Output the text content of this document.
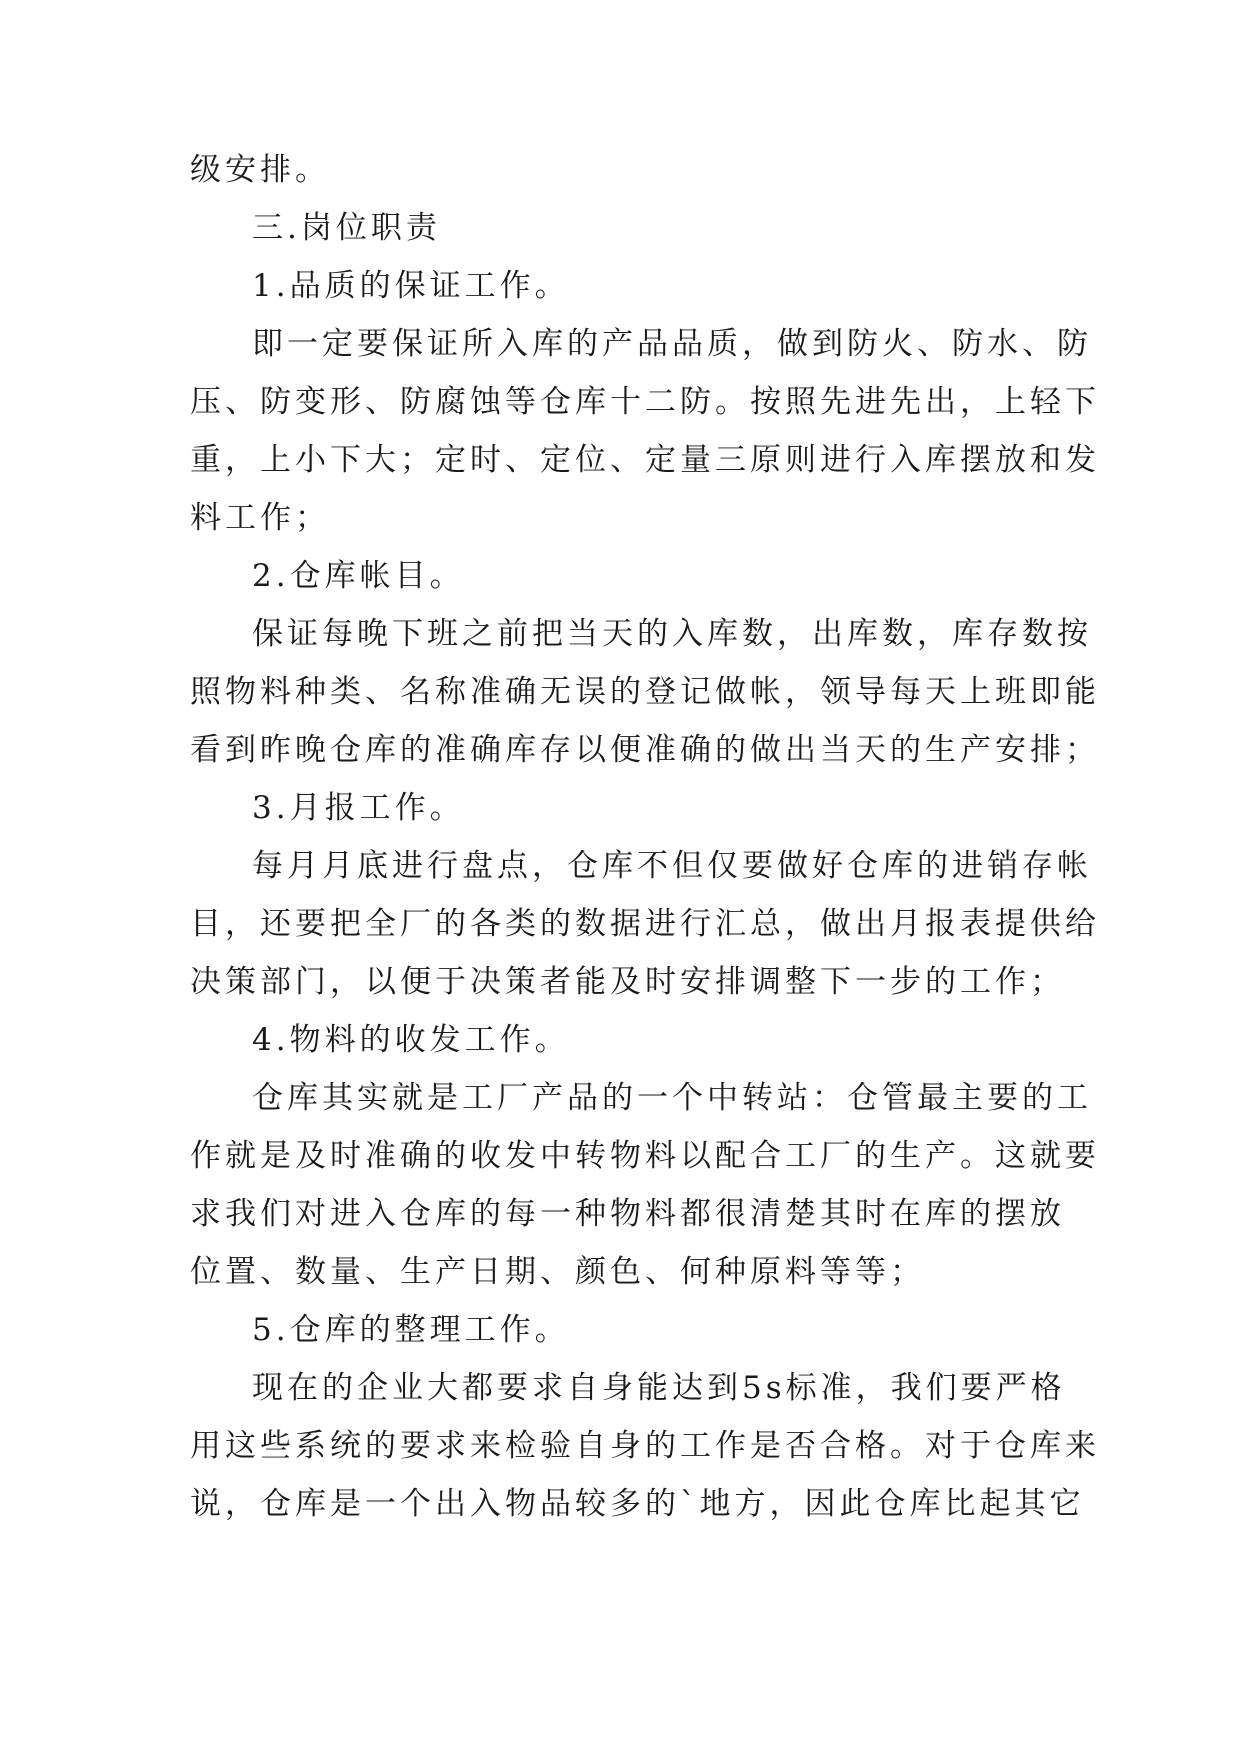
级安排。
三.岗位职责
1.品质的保证工作。
即一定要保证所入库的产品品质，做到防火、防水、防
压、防变形、防腐蚀等仓库十二防。按照先进先出，上轻下
重，上小下大；定时、定位、定量三原则进行入库摆放和发
料工作；
2.仓库帐目。
保证每晚下班之前把当天的入库数，出库数，库存数按
照物料种类、名称准确无误的登记做帐，领导每天上班即能
看到昨晚仓库的准确库存以便准确的做出当天的生产安排；
3.月报工作。
每月月底进行盘点，仓库不但仅要做好仓库的进销存帐
目，还要把全厂的各类的数据进行汇总，做出月报表提供给
决策部门，以便于决策者能及时安排调整下一步的工作；
4.物料的收发工作。
仓库其实就是工厂产品的一个中转站：仓管最主要的工
作就是及时准确的收发中转物料以配合工厂的生产。这就要
求我们对进入仓库的每一种物料都很清楚其时在库的摆放
位置、数量、生产日期、颜色、何种原料等等；
5.仓库的整理工作。
现在的企业大都要求自身能达到5s标准，我们要严格
用这些系统的要求来检验自身的工作是否合格。对于仓库来
说，仓库是一个出入物品较多的`地方，因此仓库比起其它
